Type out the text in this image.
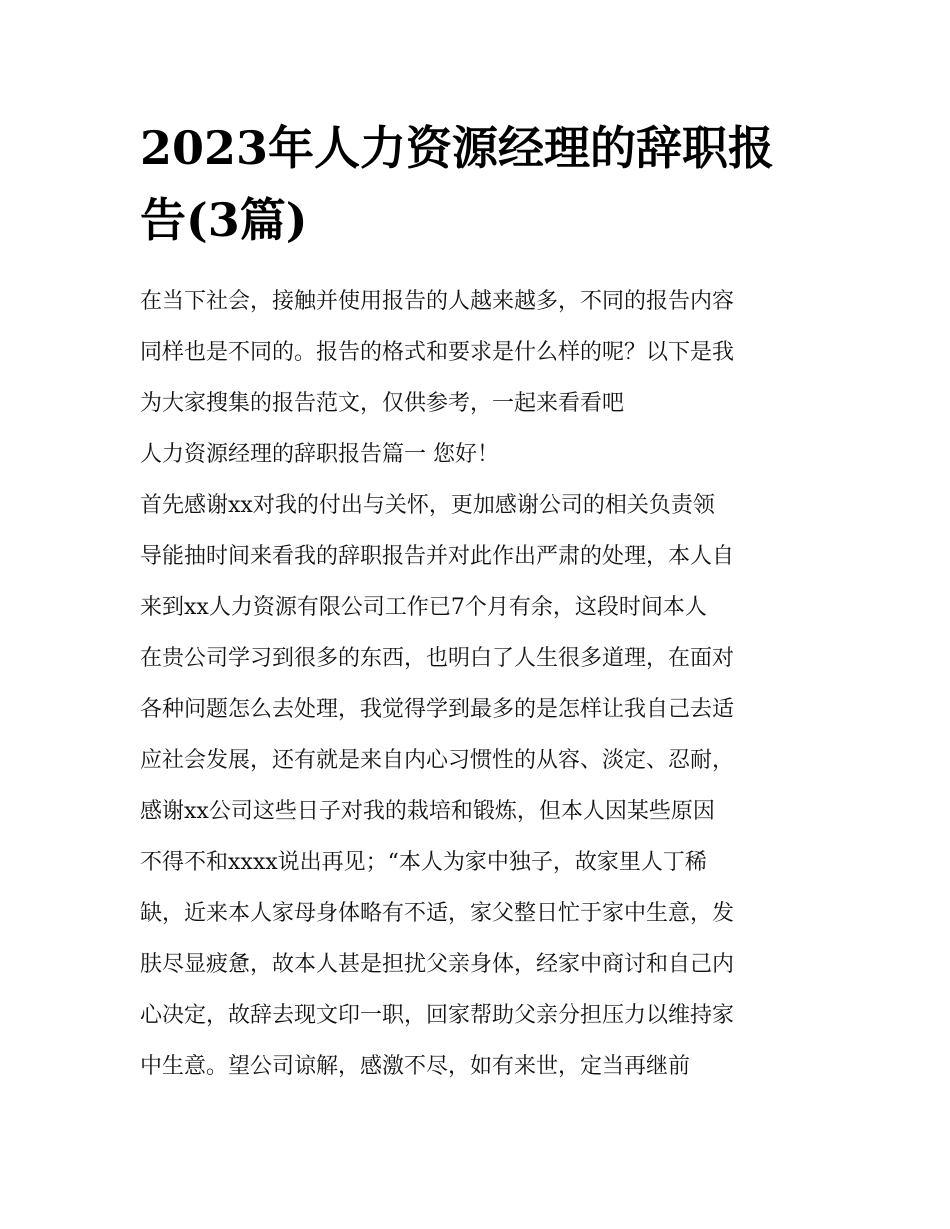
2023年人力资源经理的辞职报
告(3篇)

在当下社会，接触并使用报告的人越来越多，不同的报告内容

同样也是不同的。报告的格式和要求是什么样的呢？以下是我

为大家搜集的报告范文，仅供参考，一起来看看吧

人力资源经理的辞职报告篇一 您好！

首先感谢xx对我的付出与关怀，更加感谢公司的相关负责领

导能抽时间来看我的辞职报告并对此作出严肃的处理，本人自

来到xx人力资源有限公司工作已7个月有余，这段时间本人

在贵公司学习到很多的东西，也明白了人生很多道理，在面对

各种问题怎么去处理，我觉得学到最多的是怎样让我自己去适

应社会发展，还有就是来自内心习惯性的从容、淡定、忍耐，

感谢xx公司这些日子对我的栽培和锻炼，但本人因某些原因

不得不和xxxx说出再见；“本人为家中独子，故家里人丁稀

缺，近来本人家母身体略有不适，家父整日忙于家中生意，发

肤尽显疲惫，故本人甚是担扰父亲身体，经家中商讨和自己内

心决定，故辞去现文印一职，回家帮助父亲分担压力以维持家

中生意。望公司谅解，感激不尽，如有来世，定当再继前
